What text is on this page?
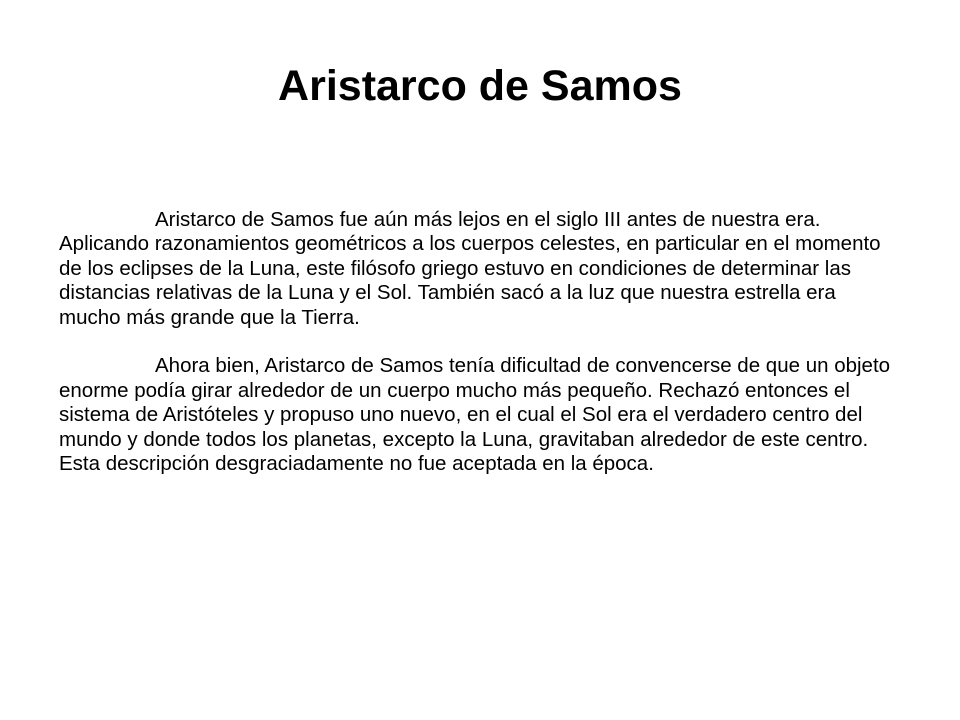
Aristarco de Samos

Aristarco de Samos fue aún más lejos en el siglo III antes de nuestra era. Aplicando razonamientos geométricos a los cuerpos celestes, en particular en el momento de los eclipses de la Luna, este filósofo griego estuvo en condiciones de determinar las distancias relativas de la Luna y el Sol. También sacó a la luz que nuestra estrella era mucho más grande que la Tierra.

Ahora bien, Aristarco de Samos tenía dificultad de convencerse de que un objeto enorme podía girar alrededor de un cuerpo mucho más pequeño. Rechazó entonces el sistema de Aristóteles y propuso uno nuevo, en el cual el Sol era el verdadero centro del mundo y donde todos los planetas, excepto la Luna, gravitaban alrededor de este centro. Esta descripción desgraciadamente no fue aceptada en la época.
